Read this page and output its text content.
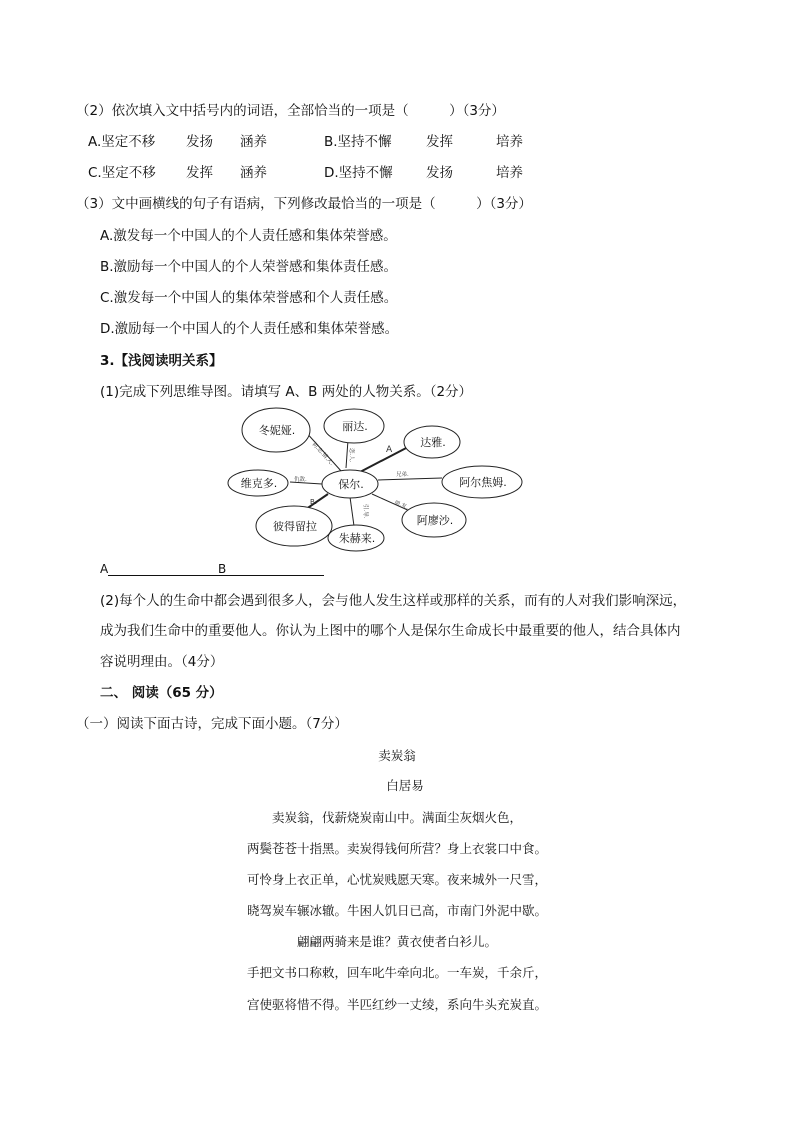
（2）依次填入文中括号内的词语，全部恰当的一项是（　　　）（3分）
A.坚定不移 发扬 涵养	B.坚持不懈	发挥	培养
C.坚定不移 发挥 涵养	D.坚持不懈 发扬	培养
（3）文中画横线的句子有语病，下列修改最恰当的一项是（　　　）（3分）
A.激发每一个中国人的个人责任感和集体荣誉感。
B.激励每一个中国人的个人荣誉感和集体责任感。
C.激发每一个中国人的集体荣誉感和个人责任感。
D.激励每一个中国人的个人责任感和集体荣誉感。
3.【浅阅读明关系】
(1)完成下列思维导图。请填写 A、B 两处的人物关系。（2分）
保尔.
冬妮娅.	丽达.
达雅.
阿尔焦姆.
阿廖沙.
朱赫来.
彼得留拉
维克多.
初.恋.情.人.	恋.人.	A
兄弟.
朋.友.
引.导.
B.
仇敌.
A	B
(2)每个人的生命中都会遇到很多人，会与他人发生这样或那样的关系，而有的人对我们影响深远，
成为我们生命中的重要他人。你认为上图中的哪个人是保尔生命成长中最重要的他人，结合具体内
容说明理由。（4分）
二、 阅读（65 分）
（一）阅读下面古诗，完成下面小题。（7分）
卖炭翁
白居易
卖炭翁，伐薪烧炭南山中。满面尘灰烟火色，
两鬓苍苍十指黑。卖炭得钱何所营？身上衣裳口中食。
可怜身上衣正单，心忧炭贱愿天寒。夜来城外一尺雪，
晓驾炭车辗冰辙。牛困人饥日已高，市南门外泥中歇。
翩翩两骑来是谁？黄衣使者白衫儿。
手把文书口称敕，回车叱牛牵向北。一车炭，千余斤，
宫使驱将惜不得。半匹红纱一丈绫，系向牛头充炭直。
